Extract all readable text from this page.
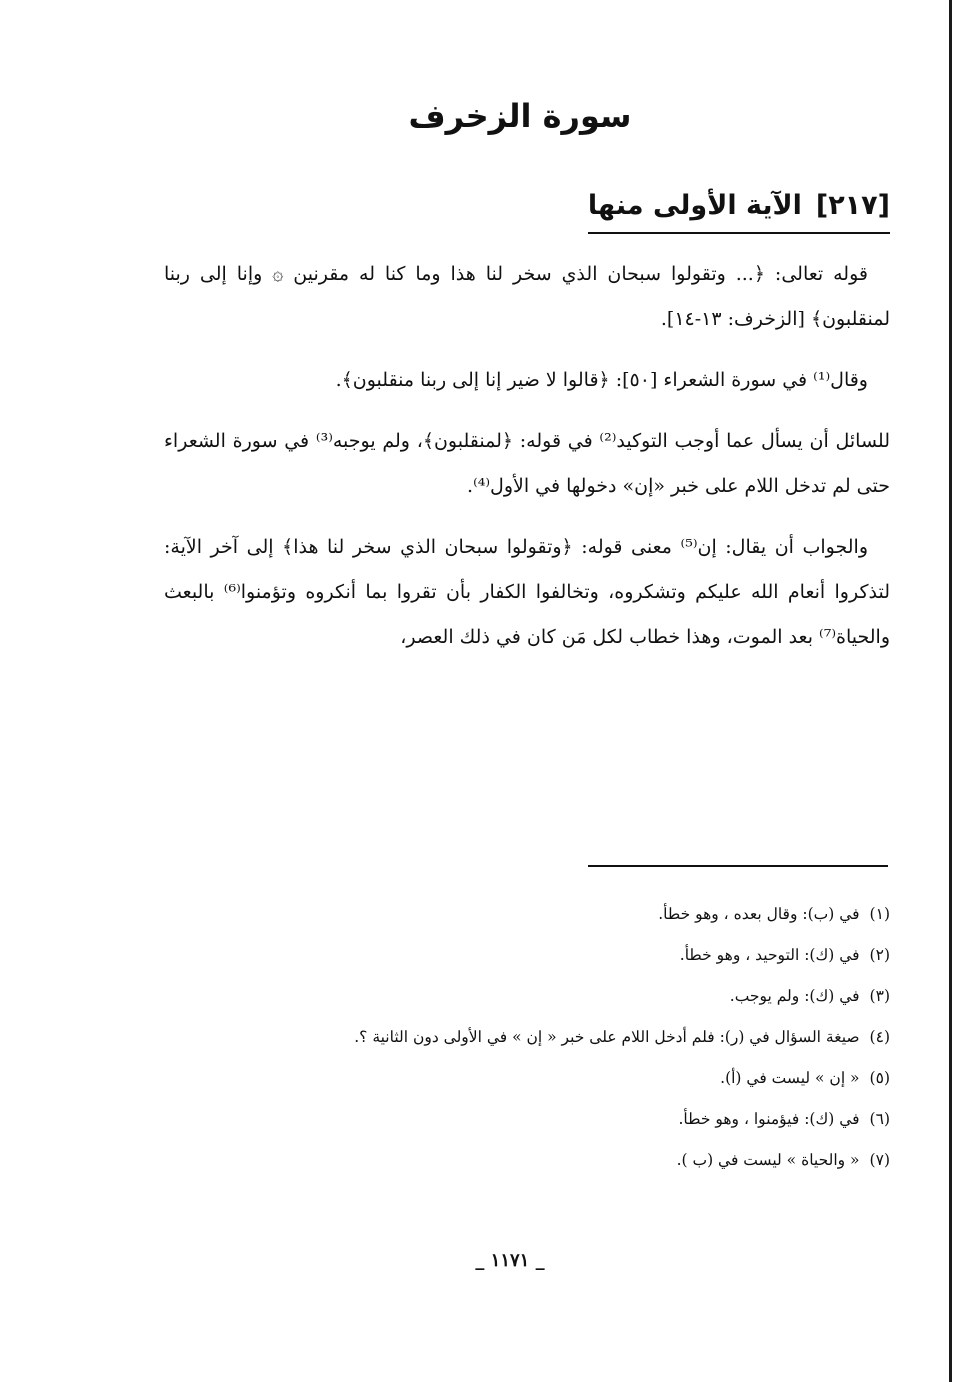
سورة الزخرف
[٢١٧]الآية الأولى منها

قوله تعالى: ﴿... وتقولوا سبحان الذي سخر لنا هذا وما كنا له مقرنين ۞ وإنا إلى ربنا لمنقلبون﴾ [الزخرف: ١٣-١٤].

وقال⁽¹⁾ في سورة الشعراء [٥٠]: ﴿قالوا لا ضير إنا إلى ربنا منقلبون﴾.

للسائل أن يسأل عما أوجب التوكيد⁽²⁾ في قوله: ﴿لمنقلبون﴾، ولم يوجبه⁽³⁾ في سورة الشعراء حتى لم تدخل اللام على خبر «إن» دخولها في الأول⁽⁴⁾.

والجواب أن يقال: إن⁽⁵⁾ معنى قوله: ﴿وتقولوا سبحان الذي سخر لنا هذا﴾ إلى آخر الآية: لتذكروا أنعام الله عليكم وتشكروه، وتخالفوا الكفار بأن تقروا بما أنكروه وتؤمنوا⁽⁶⁾ بالبعث والحياة⁽⁷⁾ بعد الموت، وهذا خطاب لكل مَن كان في ذلك العصر،

(١)في (ب): وقال بعده ، وهو خطأ.
(٢)في (ك): التوحيد ، وهو خطأ.
(٣)في (ك): ولم يوجب.
(٤)صيغة السؤال في (ر): فلم أدخل اللام على خبر « إن » في الأولى دون الثانية ؟.
(٥)« إن » ليست في (أ).
(٦)في (ك): فيؤمنوا ، وهو خطأ.
(٧)« والحياة » ليست في (ب ).
_ ١١٧١ _
